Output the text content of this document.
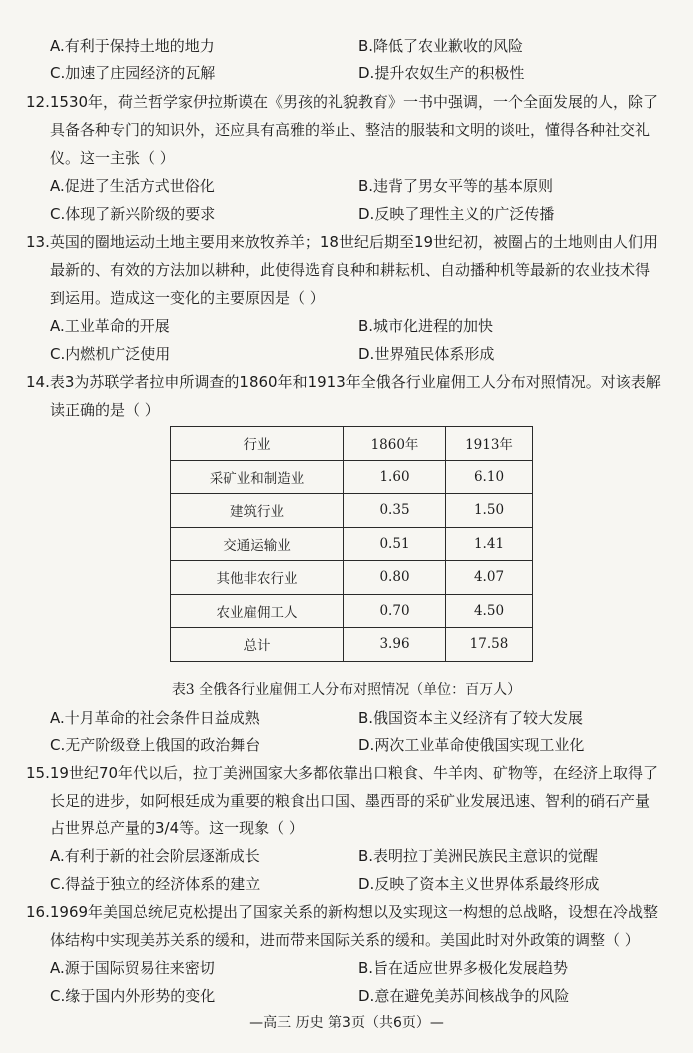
A.有利于保持土地的地力	B.降低了农业歉收的风险
C.加速了庄园经济的瓦解	D.提升农奴生产的积极性
12.1530年，荷兰哲学家伊拉斯谟在《男孩的礼貌教育》一书中强调，一个全面发展的人，除了
具备各种专门的知识外，还应具有高雅的举止、整洁的服装和文明的谈吐，懂得各种社交礼
仪。这一主张（ ）
A.促进了生活方式世俗化	B.违背了男女平等的基本原则
C.体现了新兴阶级的要求	D.反映了理性主义的广泛传播
13.英国的圈地运动土地主要用来放牧养羊；18世纪后期至19世纪初，被圈占的土地则由人们用
最新的、有效的方法加以耕种，此使得选育良种和耕耘机、自动播种机等最新的农业技术得
到运用。造成这一变化的主要原因是（ ）
A.工业革命的开展	B.城市化进程的加快
C.内燃机广泛使用	D.世界殖民体系形成
14.表3为苏联学者拉申所调查的1860年和1913年全俄各行业雇佣工人分布对照情况。对该表解
读正确的是（ ）
行业	1860年	1913年
采矿业和制造业	1.60	6.10
建筑行业	0.35	1.50
交通运输业	0.51	1.41
其他非农行业	0.80	4.07
农业雇佣工人	0.70	4.50
总计	3.96	17.58
表3 全俄各行业雇佣工人分布对照情况（单位：百万人）
A.十月革命的社会条件日益成熟	B.俄国资本主义经济有了较大发展
C.无产阶级登上俄国的政治舞台	D.两次工业革命使俄国实现工业化
15.19世纪70年代以后，拉丁美洲国家大多都依靠出口粮食、牛羊肉、矿物等，在经济上取得了
长足的进步，如阿根廷成为重要的粮食出口国、墨西哥的采矿业发展迅速、智利的硝石产量
占世界总产量的3/4等。这一现象（ ）
A.有利于新的社会阶层逐渐成长	B.表明拉丁美洲民族民主意识的觉醒
C.得益于独立的经济体系的建立	D.反映了资本主义世界体系最终形成
16.1969年美国总统尼克松提出了国家关系的新构想以及实现这一构想的总战略，设想在冷战整
体结构中实现美苏关系的缓和，进而带来国际关系的缓和。美国此时对外政策的调整（ ）
A.源于国际贸易往来密切	B.旨在适应世界多极化发展趋势
C.缘于国内外形势的变化	D.意在避免美苏间核战争的风险
—高三 历史 第3页（共6页）—
